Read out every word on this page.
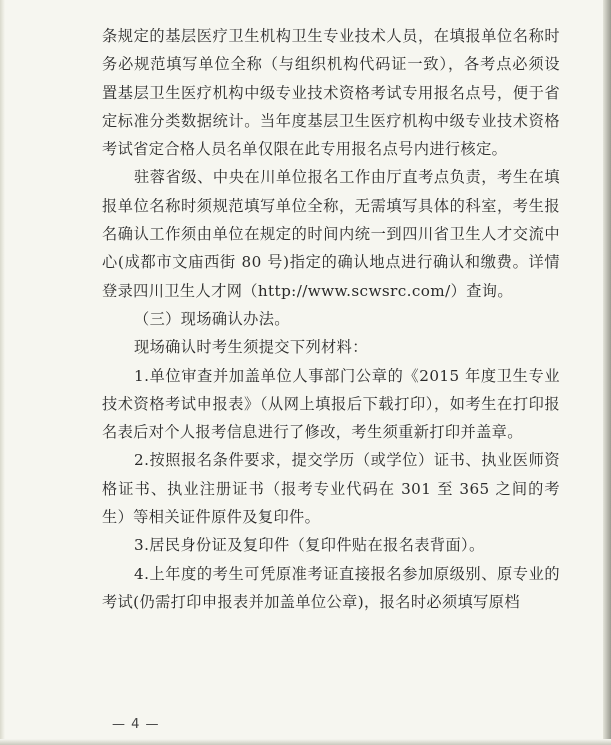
条规定的基层医疗卫生机构卫生专业技术人员，在填报单位名称时务必规范填写单位全称（与组织机构代码证一致），各考点必须设置基层卫生医疗机构中级专业技术资格考试专用报名点号，便于省定标准分类数据统计。当年度基层卫生医疗机构中级专业技术资格考试省定合格人员名单仅限在此专用报名点号内进行核定。

驻蓉省级、中央在川单位报名工作由厅直考点负责，考生在填报单位名称时须规范填写单位全称，无需填写具体的科室，考生报名确认工作须由单位在规定的时间内统一到四川省卫生人才交流中心(成都市文庙西街 80 号)指定的确认地点进行确认和缴费。详情登录四川卫生人才网（http://www.scwsrc.com/）查询。

（三）现场确认办法。

现场确认时考生须提交下列材料：

1.单位审查并加盖单位人事部门公章的《2015 年度卫生专业技术资格考试申报表》（从网上填报后下载打印），如考生在打印报名表后对个人报考信息进行了修改，考生须重新打印并盖章。

2.按照报名条件要求，提交学历（或学位）证书、执业医师资格证书、执业注册证书（报考专业代码在 301 至 365 之间的考生）等相关证件原件及复印件。

3.居民身份证及复印件（复印件贴在报名表背面）。

4.上年度的考生可凭原准考证直接报名参加原级别、原专业的考试(仍需打印申报表并加盖单位公章)，报名时必须填写原档

— 4 —
